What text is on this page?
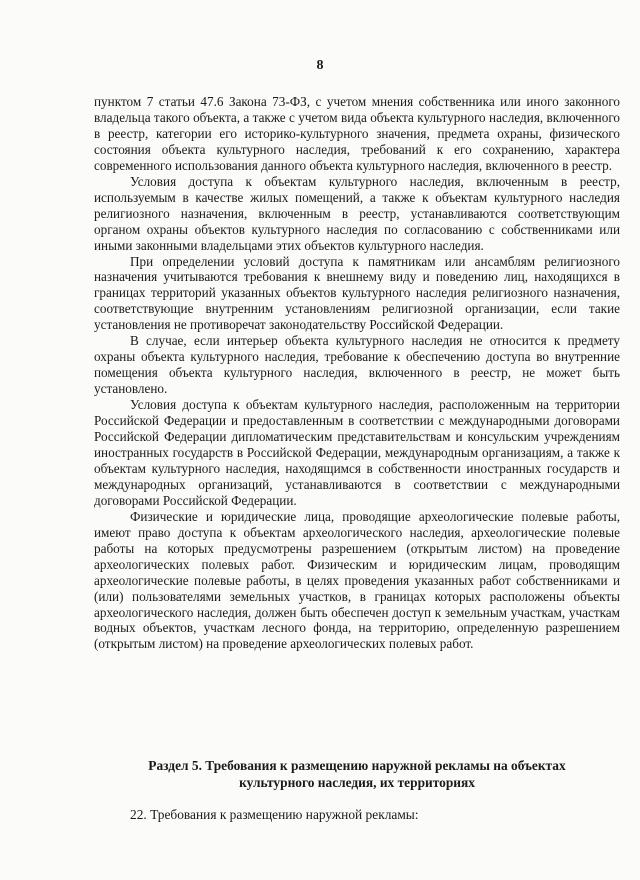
8

пунктом 7 статьи 47.6 Закона 73-ФЗ, с учетом мнения собственника или иного законного владельца такого объекта, а также с учетом вида объекта культурного наследия, включенного в реестр, категории его историко-культурного значения, предмета охраны, физического состояния объекта культурного наследия, требований к его сохранению, характера современного использования данного объекта культурного наследия, включенного в реестр.

Условия доступа к объектам культурного наследия, включенным в реестр, используемым в качестве жилых помещений, а также к объектам культурного наследия религиозного назначения, включенным в реестр, устанавливаются соответствующим органом охраны объектов культурного наследия по согласованию с собственниками или иными законными владельцами этих объектов культурного наследия.

При определении условий доступа к памятникам или ансамблям религиозного назначения учитываются требования к внешнему виду и поведению лиц, находящихся в границах территорий указанных объектов культурного наследия религиозного назначения, соответствующие внутренним установлениям религиозной организации, если такие установления не противоречат законодательству Российской Федерации.

В случае, если интерьер объекта культурного наследия не относится к предмету охраны объекта культурного наследия, требование к обеспечению доступа во внутренние помещения объекта культурного наследия, включенного в реестр, не может быть установлено.

Условия доступа к объектам культурного наследия, расположенным на территории Российской Федерации и предоставленным в соответствии с международными договорами Российской Федерации дипломатическим представительствам и консульским учреждениям иностранных государств в Российской Федерации, международным организациям, а также к объектам культурного наследия, находящимся в собственности иностранных государств и международных организаций, устанавливаются в соответствии с международными договорами Российской Федерации.

Физические и юридические лица, проводящие археологические полевые работы, имеют право доступа к объектам археологического наследия, археологические полевые работы на которых предусмотрены разрешением (открытым листом) на проведение археологических полевых работ. Физическим и юридическим лицам, проводящим археологические полевые работы, в целях проведения указанных работ собственниками и (или) пользователями земельных участков, в границах которых расположены объекты археологического наследия, должен быть обеспечен доступ к земельным участкам, участкам водных объектов, участкам лесного фонда, на территорию, определенную разрешением (открытым листом) на проведение археологических полевых работ.

Раздел 5. Требования к размещению наружной рекламы на объектах
культурного наследия, их территориях
22. Требования к размещению наружной рекламы:
